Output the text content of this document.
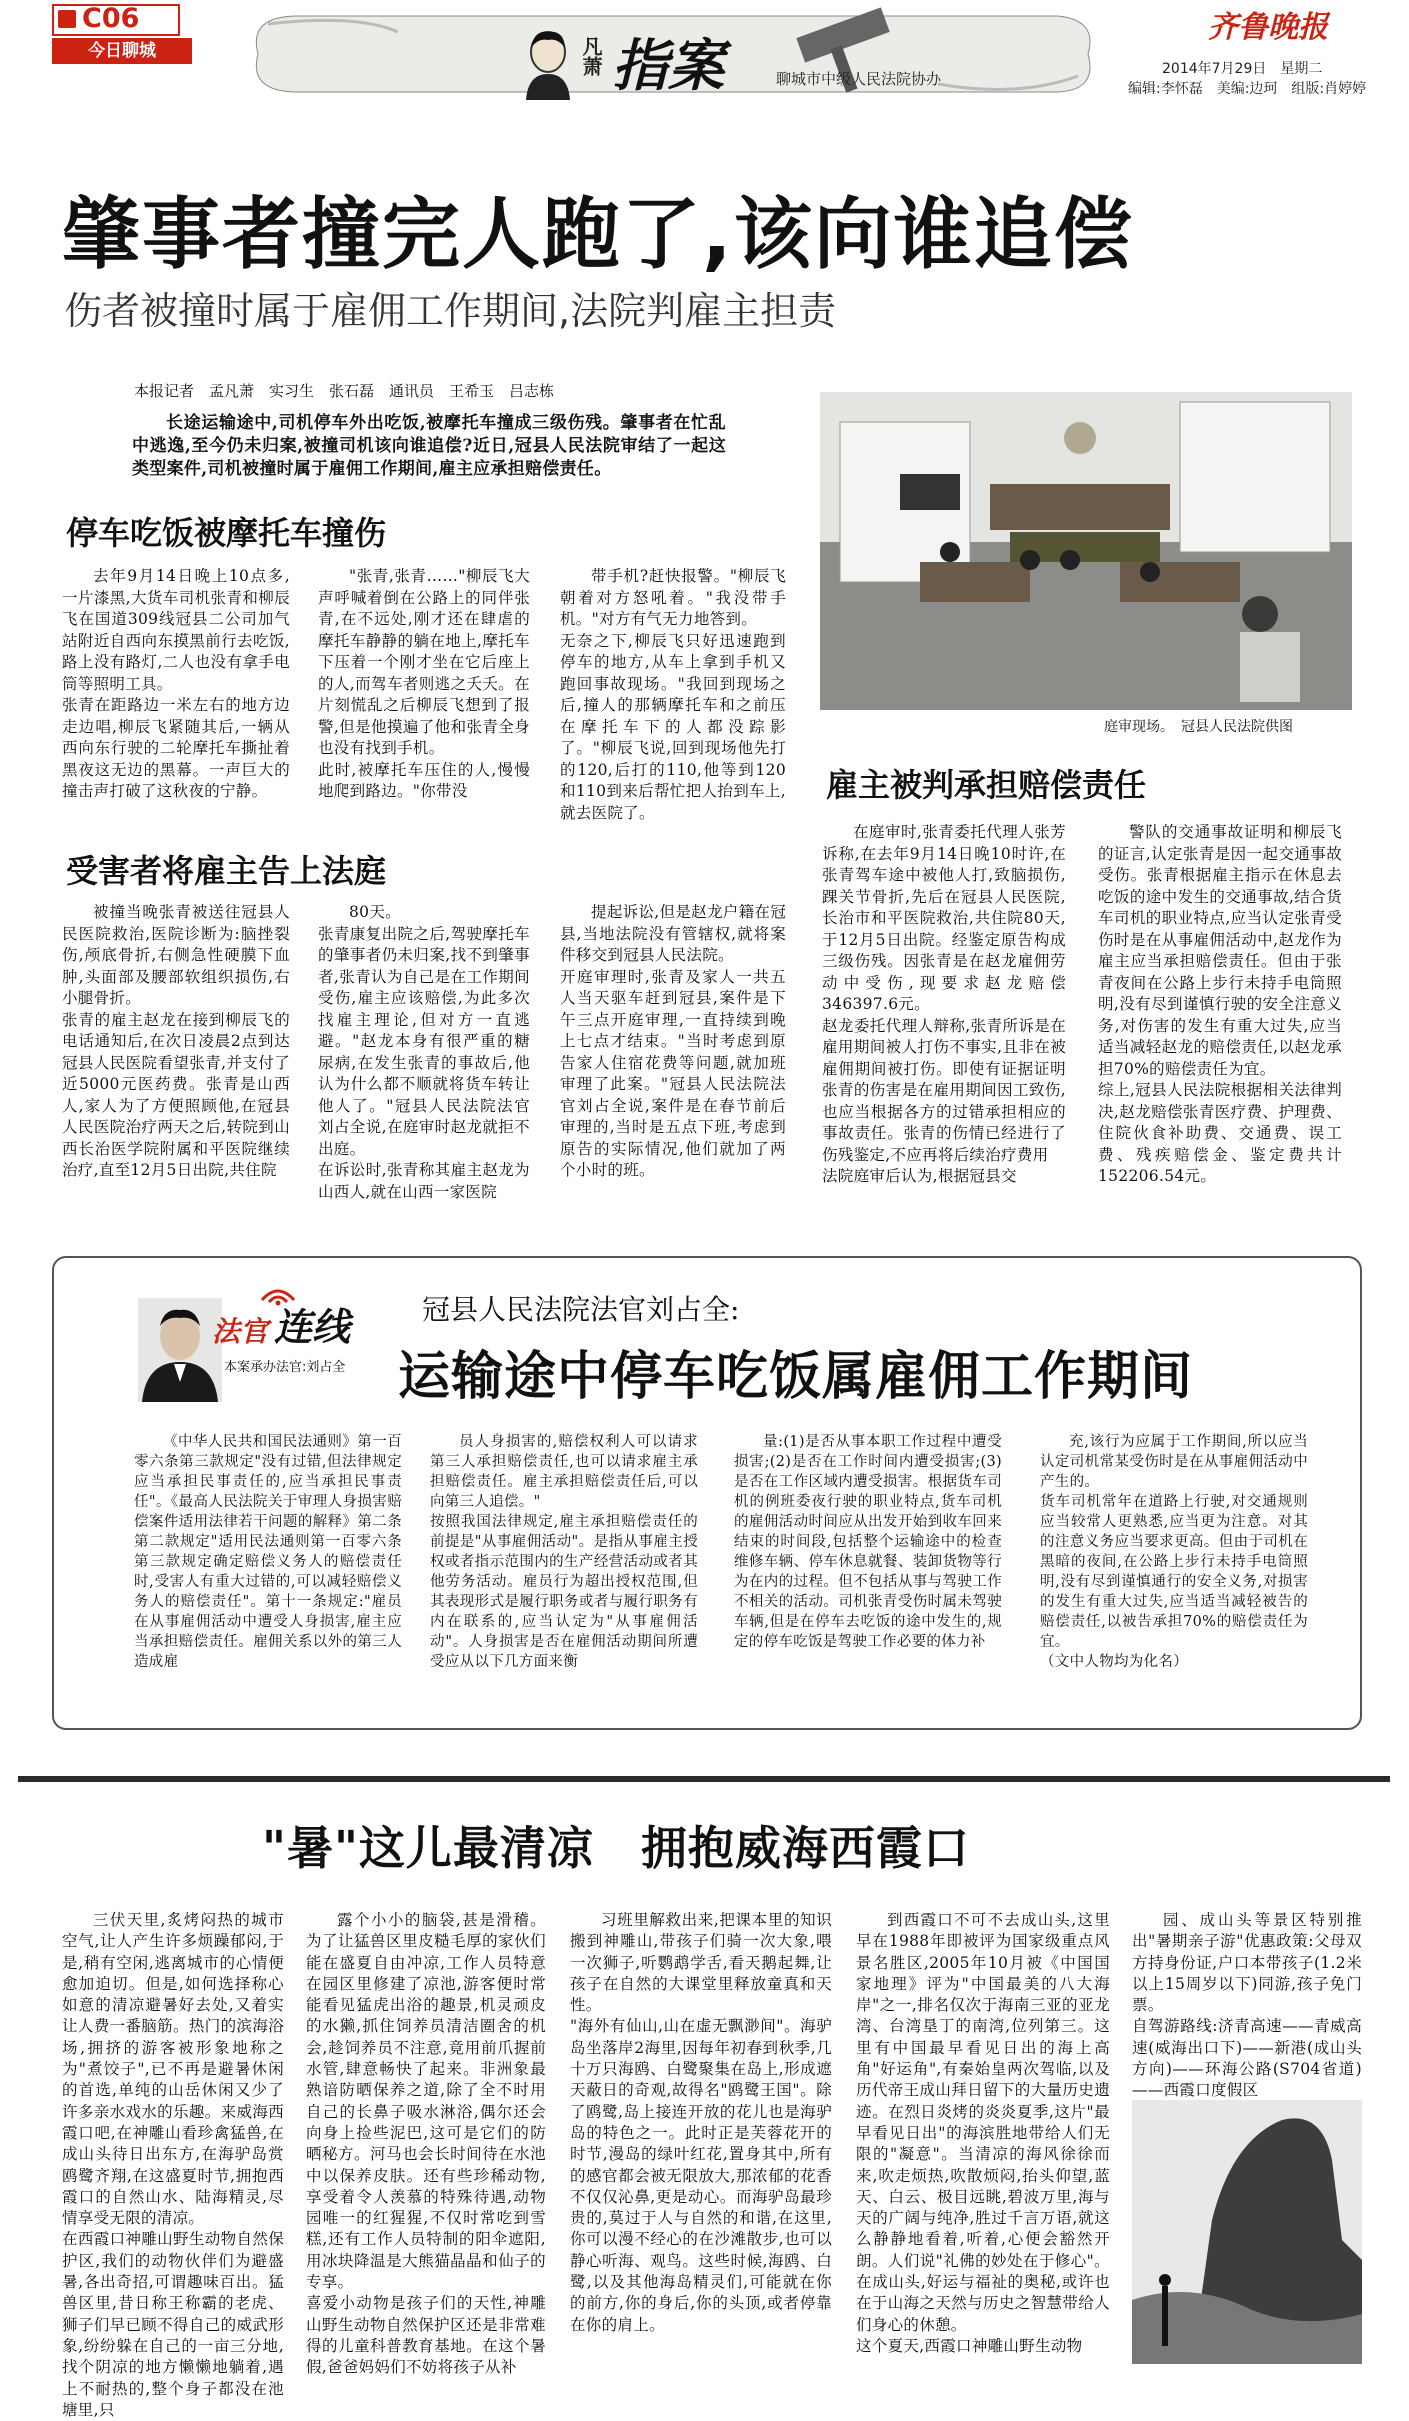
C06
今日聊城	凡萧 指案	聊城市中级人民法院协办
齐鲁晚报
2014年7月29日　星期二
编辑:李怀磊　美编:边珂　组版:肖婷婷
肇事者撞完人跑了,该向谁追偿
伤者被撞时属于雇佣工作期间,法院判雇主担责
本报记者　孟凡萧　实习生　张石磊　通讯员　王希玉　吕志栋
长途运输途中,司机停车外出吃饭,被摩托车撞成三级伤残。肇事者在忙乱中逃逸,至今仍未归案,被撞司机该向谁追偿?近日,冠县人民法院审结了一起这类型案件,司机被撞时属于雇佣工作期间,雇主应承担赔偿责任。
庭审现场。　冠县人民法院供图
停车吃饭被摩托车撞伤
去年9月14日晚上10点多,一片漆黑,大货车司机张青和柳辰飞在国道309线冠县二公司加气站附近自西向东摸黑前行去吃饭,路上没有路灯,二人也没有拿手电筒等照明工具。
张青在距路边一米左右的地方边走边唱,柳辰飞紧随其后,一辆从西向东行驶的二轮摩托车撕扯着黑夜这无边的黑幕。一声巨大的撞击声打破了这秋夜的宁静。
"张青,张青……"柳辰飞大声呼喊着倒在公路上的同伴张青,在不远处,刚才还在肆虐的摩托车静静的躺在地上,摩托车下压着一个刚才坐在它后座上的人,而驾车者则逃之夭夭。在片刻慌乱之后柳辰飞想到了报警,但是他摸遍了他和张青全身也没有找到手机。
此时,被摩托车压住的人,慢慢地爬到路边。"你带没
带手机?赶快报警。"柳辰飞朝着对方怒吼着。"我没带手机。"对方有气无力地答到。
无奈之下,柳辰飞只好迅速跑到停车的地方,从车上拿到手机又跑回事故现场。"我回到现场之后,撞人的那辆摩托车和之前压在摩托车下的人都没踪影了。"柳辰飞说,回到现场他先打的120,后打的110,他等到120和110到来后帮忙把人抬到车上,就去医院了。
受害者将雇主告上法庭
被撞当晚张青被送往冠县人民医院救治,医院诊断为:脑挫裂伤,颅底骨折,右侧急性硬膜下血肿,头面部及腰部软组织损伤,右小腿骨折。
张青的雇主赵龙在接到柳辰飞的电话通知后,在次日凌晨2点到达冠县人民医院看望张青,并支付了近5000元医药费。张青是山西人,家人为了方便照顾他,在冠县人民医院治疗两天之后,转院到山西长治医学院附属和平医院继续治疗,直至12月5日出院,共住院
80天。
张青康复出院之后,驾驶摩托车的肇事者仍未归案,找不到肇事者,张青认为自己是在工作期间受伤,雇主应该赔偿,为此多次找雇主理论,但对方一直逃避。"赵龙本身有很严重的糖尿病,在发生张青的事故后,他认为什么都不顺就将货车转让他人了。"冠县人民法院法官刘占全说,在庭审时赵龙就拒不出庭。
在诉讼时,张青称其雇主赵龙为山西人,就在山西一家医院
提起诉讼,但是赵龙户籍在冠县,当地法院没有管辖权,就将案件移交到冠县人民法院。
开庭审理时,张青及家人一共五人当天驱车赶到冠县,案件是下午三点开庭审理,一直持续到晚上七点才结束。"当时考虑到原告家人住宿花费等问题,就加班审理了此案。"冠县人民法院法官刘占全说,案件是在春节前后审理的,当时是五点下班,考虑到原告的实际情况,他们就加了两个小时的班。
雇主被判承担赔偿责任
在庭审时,张青委托代理人张芳诉称,在去年9月14日晚10时许,在张青驾车途中被他人打,致脑损伤,踝关节骨折,先后在冠县人民医院,长治市和平医院救治,共住院80天,于12月5日出院。经鉴定原告构成三级伤残。因张青是在赵龙雇佣劳动中受伤,现要求赵龙赔偿346397.6元。
赵龙委托代理人辩称,张青所诉是在雇用期间被人打伤不事实,且非在被雇佣期间被打伤。即使有证据证明张青的伤害是在雇用期间因工致伤,也应当根据各方的过错承担相应的事故责任。张青的伤情已经进行了伤残鉴定,不应再将后续治疗费用
法院庭审后认为,根据冠县交
警队的交通事故证明和柳辰飞的证言,认定张青是因一起交通事故受伤。张青根据雇主指示在休息去吃饭的途中发生的交通事故,结合货车司机的职业特点,应当认定张青受伤时是在从事雇佣活动中,赵龙作为雇主应当承担赔偿责任。但由于张青夜间在公路上步行未持手电筒照明,没有尽到谨慎行驶的安全注意义务,对伤害的发生有重大过失,应当适当减轻赵龙的赔偿责任,以赵龙承担70%的赔偿责任为宜。
综上,冠县人民法院根据相关法律判决,赵龙赔偿张青医疗费、护理费、住院伙食补助费、交通费、误工费、残疾赔偿金、鉴定费共计152206.54元。
法官 连线
本案承办法官:刘占全
冠县人民法院法官刘占全:
运输途中停车吃饭属雇佣工作期间
《中华人民共和国民法通则》第一百零六条第三款规定"没有过错,但法律规定应当承担民事责任的,应当承担民事责任"。《最高人民法院关于审理人身损害赔偿案件适用法律若干问题的解释》第二条第二款规定"适用民法通则第一百零六条第三款规定确定赔偿义务人的赔偿责任时,受害人有重大过错的,可以减轻赔偿义务人的赔偿责任"。第十一条规定:"雇员在从事雇佣活动中遭受人身损害,雇主应当承担赔偿责任。雇佣关系以外的第三人造成雇
员人身损害的,赔偿权利人可以请求第三人承担赔偿责任,也可以请求雇主承担赔偿责任。雇主承担赔偿责任后,可以向第三人追偿。"
按照我国法律规定,雇主承担赔偿责任的前提是"从事雇佣活动"。是指从事雇主授权或者指示范围内的生产经营活动或者其他劳务活动。雇员行为超出授权范围,但其表现形式是履行职务或者与履行职务有内在联系的,应当认定为"从事雇佣活动"。人身损害是否在雇佣活动期间所遭受应从以下几方面来衡
量:(1)是否从事本职工作过程中遭受损害;(2)是否在工作时间内遭受损害;(3)是否在工作区域内遭受损害。根据货车司机的例班委夜行驶的职业特点,货车司机的雇佣活动时间应从出发开始到收车回来结束的时间段,包括整个运输途中的检查维修车辆、停车休息就餐、装卸货物等行为在内的过程。但不包括从事与驾驶工作不相关的活动。司机张青受伤时属未驾驶车辆,但是在停车去吃饭的途中发生的,规定的停车吃饭是驾驶工作必要的体力补
充,该行为应属于工作期间,所以应当认定司机常某受伤时是在从事雇佣活动中产生的。
货车司机常年在道路上行驶,对交通规则应当较常人更熟悉,应当更为注意。对其的注意义务应当要求更高。但由于司机在黑暗的夜间,在公路上步行未持手电筒照明,没有尽到谨慎通行的安全义务,对损害的发生有重大过失,应当适当减轻被告的赔偿责任,以被告承担70%的赔偿责任为宜。
（文中人物均为化名）
"暑"这儿最清凉　拥抱威海西霞口
三伏天里,炙烤闷热的城市空气,让人产生许多烦躁郁闷,于是,稍有空闲,逃离城市的心情便愈加迫切。但是,如何选择称心如意的清凉避暑好去处,又着实让人费一番脑筋。热门的滨海浴场,拥挤的游客被形象地称之为"煮饺子",已不再是避暑休闲的首选,单纯的山岳休闲又少了许多亲水戏水的乐趣。来威海西霞口吧,在神雕山看珍禽猛兽,在成山头待日出东方,在海驴岛赏鸥鹭齐翔,在这盛夏时节,拥抱西霞口的自然山水、陆海精灵,尽情享受无限的清凉。
在西霞口神雕山野生动物自然保护区,我们的动物伙伴们为避盛暑,各出奇招,可谓趣味百出。猛兽区里,昔日称王称霸的老虎、狮子们早已顾不得自己的威武形象,纷纷躲在自己的一亩三分地,找个阴凉的地方懒懒地躺着,遇上不耐热的,整个身子都没在池塘里,只
露个小小的脑袋,甚是滑稽。为了让猛兽区里皮糙毛厚的家伙们能在盛夏自由冲凉,工作人员特意在园区里修建了凉池,游客便时常能看见猛虎出浴的趣景,机灵顽皮的水獭,抓住饲养员清洁圈舍的机会,趁饲养员不注意,竟用前爪握前水管,肆意畅快了起来。非洲象最熟谙防晒保养之道,除了全不时用自己的长鼻子吸水淋浴,偶尔还会向身上捡些泥巴,这可是它们的防晒秘方。河马也会长时间待在水池中以保养皮肤。还有些珍稀动物,享受着令人羡慕的特殊待遇,动物园唯一的红猩猩,不仅时常吃到雪糕,还有工作人员特制的阳伞遮阳,用冰块降温是大熊猫晶晶和仙子的专享。
喜爱小动物是孩子们的天性,神雕山野生动物自然保护区还是非常难得的儿童科普教育基地。在这个暑假,爸爸妈妈们不妨将孩子从补
习班里解救出来,把课本里的知识搬到神雕山,带孩子们骑一次大象,喂一次狮子,听鹦鹉学舌,看天鹅起舞,让孩子在自然的大课堂里释放童真和天性。
"海外有仙山,山在虚无飘渺间"。海驴岛坐落岸2海里,因每年初春到秋季,几十万只海鸥、白鹭聚集在岛上,形成遮天蔽日的奇观,故得名"鸥鹭王国"。除了鸥鹭,岛上接连开放的花儿也是海驴岛的特色之一。此时正是芙蓉花开的时节,漫岛的绿叶红花,置身其中,所有的感官都会被无限放大,那浓郁的花香不仅仅沁鼻,更是动心。而海驴岛最珍贵的,莫过于人与自然的和谐,在这里,你可以漫不经心的在沙滩散步,也可以静心听海、观鸟。这些时候,海鸥、白鹭,以及其他海岛精灵们,可能就在你的前方,你的身后,你的头顶,或者停靠在你的肩上。
到西霞口不可不去成山头,这里早在1988年即被评为国家级重点风景名胜区,2005年10月被《中国国家地理》评为"中国最美的八大海岸"之一,排名仅次于海南三亚的亚龙湾、台湾垦丁的南湾,位列第三。这里有中国最早看见日出的海上高角"好运角",有秦始皇两次驾临,以及历代帝王成山拜日留下的大量历史遗迹。在烈日炎烤的炎炎夏季,这片"最早看见日出"的海滨胜地带给人们无限的"凝意"。当清凉的海风徐徐而来,吹走烦热,吹散烦闷,抬头仰望,蓝天、白云、极目远眺,碧波万里,海与天的广阔与纯净,胜过千言万语,就这么静静地看着,听着,心便会豁然开朗。人们说"礼佛的妙处在于修心"。在成山头,好运与福祉的奥秘,或许也在于山海之天然与历史之智慧带给人们身心的休憩。
这个夏天,西霞口神雕山野生动物
园、成山头等景区特别推出"暑期亲子游"优惠政策:父母双方持身份证,户口本带孩子(1.2米以上15周岁以下)同游,孩子免门票。
自驾游路线:济青高速——青威高速(威海出口下)——新港(成山头方向)——环海公路(S704省道)——西霞口度假区
